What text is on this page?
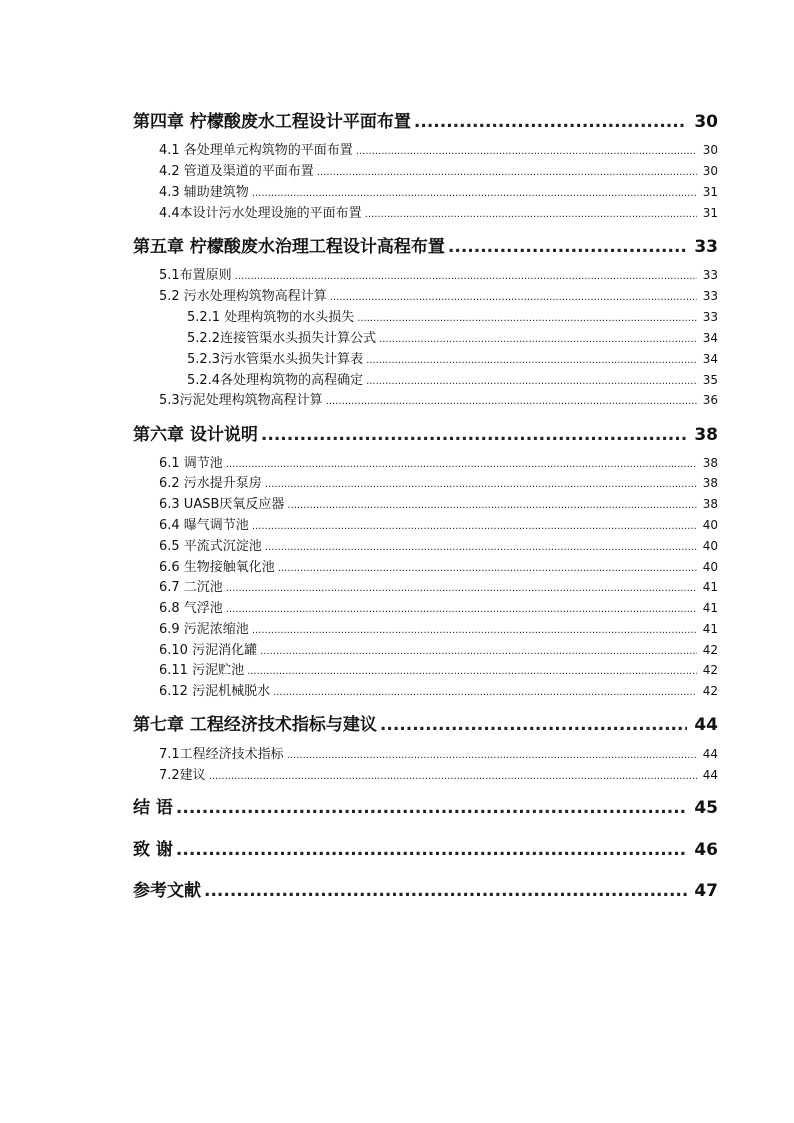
第四章 柠檬酸废水工程设计平面布置 .....	30
4.1 各处理单元构筑物的平面布置 .....	30
4.2 管道及渠道的平面布置 .....	30
4.3 辅助建筑物 .....	31
4.4本设计污水处理设施的平面布置 .....	31
第五章 柠檬酸废水治理工程设计高程布置 .....	33
5.1布置原则 .....	33
5.2 污水处理构筑物高程计算 .....	33
5.2.1 处理构筑物的水头损失 .....	33
5.2.2连接管渠水头损失计算公式 .....	34
5.2.3污水管渠水头损失计算表 .....	34
5.2.4各处理构筑物的高程确定 .....	35
5.3污泥处理构筑物高程计算 .....	36
第六章 设计说明 .....	38
6.1 调节池 .....	38
6.2 污水提升泵房 .....	38
6.3 UASB厌氧反应器 .....	38
6.4 曝气调节池 .....	40
6.5 平流式沉淀池 .....	40
6.6 生物接触氧化池 .....	40
6.7 二沉池 .....	41
6.8 气浮池 .....	41
6.9 污泥浓缩池 .....	41
6.10 污泥消化罐 .....	42
6.11 污泥贮池 .....	42
6.12 污泥机械脱水 .....	42
第七章 工程经济技术指标与建议 .....	44
7.1工程经济技术指标 .....	44
7.2建议 .....	44
结 语 .....	45
致 谢 .....	46
参考文献 .....	47
